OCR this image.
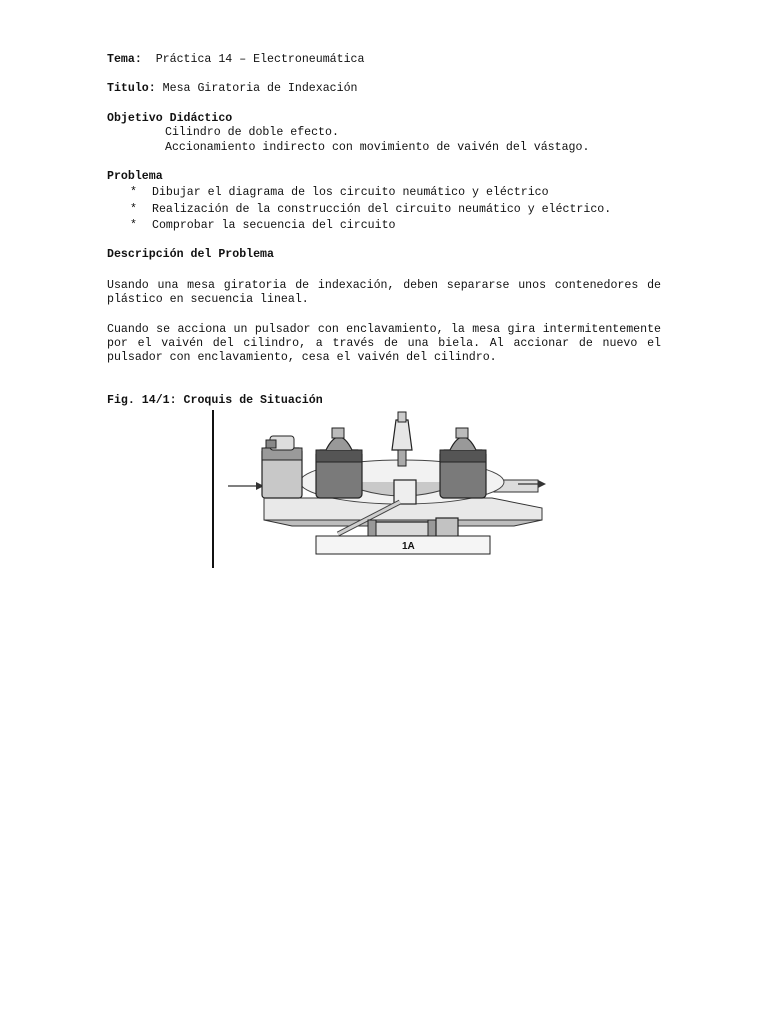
Tema: Práctica 14 – Electroneumática
Titulo: Mesa Giratoria de Indexación
Objetivo Didáctico
Cilindro de doble efecto.
Accionamiento indirecto con movimiento de vaivén del vástago.
Problema
* Dibujar el diagrama de los circuito neumático y eléctrico
* Realización de la construcción del circuito neumático y eléctrico.
* Comprobar la secuencia del circuito
Descripción del Problema
Usando una mesa giratoria de indexación, deben separarse unos contenedores de plástico en secuencia lineal.
Cuando se acciona un pulsador con enclavamiento, la mesa gira intermitentemente por el vaivén del cilindro, a través de una biela. Al accionar de nuevo el pulsador con enclavamiento, cesa el vaivén del cilindro.
Fig. 14/1: Croquis de Situación
1A
